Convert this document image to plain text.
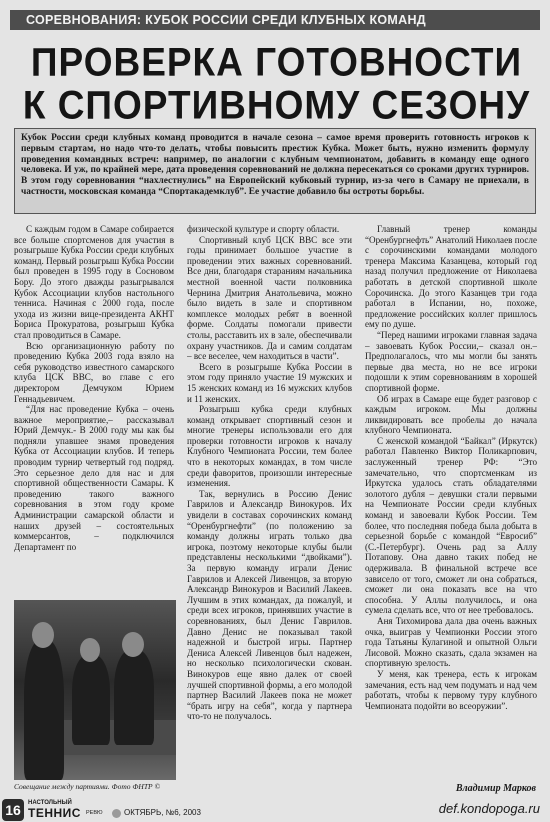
СОРЕВНОВАНИЯ: КУБОК РОССИИ СРЕДИ КЛУБНЫХ КОМАНД
ПРОВЕРКА ГОТОВНОСТИ
К СПОРТИВНОМУ СЕЗОНУ
Кубок России среди клубных команд проводится в начале сезона – самое время проверить готовность игроков к первым стартам, но надо что-то делать, чтобы повысить престиж Кубка. Может быть, нужно изменить формулу проведения командных встреч: например, по аналогии с клубным чемпионатом, добавить в команду еще одного человека. И уж, по крайней мере, дата проведения соревнований не должна пересекаться со сроками других турниров. В этом году соревнования “нахлестнулись” на Европейский кубковый турнир, из-за чего в Самару не приехали, в частности, московская команда “Спортакадемклуб”. Ее участие добавило бы остроты борьбы.

С каждым годом в Самаре собирается все больше спортсменов для участия в розыгрыше Кубка России среди клубных команд. Первый розыгрыш Кубка России был проведен в 1995 году в Сосновом Бору. До этого дважды разыгрывался Кубок Ассоциации клубов настольного тенниса. Начиная с 2000 года, после ухода из жизни вице-президента АКНТ Бориса Прокуратова, розыгрыш Кубка стал проводиться в Самаре.

Всю организационную работу по проведению Кубка 2003 года взяло на себя руководство известного самарского клуба ЦСК ВВС, во главе с его директором Демчуком Юрием Геннадьевичем.

“Для нас проведение Кубка – очень важное мероприятие,– рассказывал Юрий Демчук.- В 2000 году мы как бы подняли упавшее знамя проведения Кубка от Ассоциации клубов. И теперь проводим турнир четвертый год подряд. Это серьезное дело для нас и для спортивной общественности Самары. К проведению такого важного соревнования в этом году кроме Администрации самарской области и наших друзей – состоятельных коммерсантов, – подключился Департамент по

Совещание между партиями. Фото ФНТР ©

физической культуре и спорту области.

Спортивный клуб ЦСК ВВС все эти годы принимает большое участие в проведении этих важных соревнований. Все дни, благодаря стараниям начальника местной военной части полковника Чернина Дмитрия Анатольевича, можно было видеть в зале и спортивном комплексе молодых ребят в военной форме. Солдаты помогали привести столы, расставить их в зале, обеспечивали охрану участников. Да и самим солдатам – все веселее, чем находиться в части”.

Всего в розыгрыше Кубка России в этом году приняло участие 19 мужских и 15 женских команд из 16 мужских клубов и 11 женских.

Розыгрыш кубка среди клубных команд открывает спортивный сезон и многие тренеры использовали его для проверки готовности игроков к началу Клубного Чемпионата России, тем более что в некоторых командах, в том числе среди фаворитов, произошли интересные изменения.

Так, вернулись в Россию Денис Гаврилов и Александр Винокуров. Их увидели в составах сорочинских команд “Оренбургнефти” (по положению за команду должны играть только два игрока, поэтому некоторые клубы были представлены несколькими “двойками”). За первую команду играли Денис Гаврилов и Алексей Ливенцов, за вторую Александр Винокуров и Василий Лакеев. Лучшим в этих командах, да пожалуй, и среди всех игроков, принявших участие в соревнованиях, был Денис Гаврилов. Давно Денис не показывал такой надежной и быстрой игры. Партнер Дениса Алексей Ливенцов был надежен, но несколько психологически скован. Винокуров еще явно далек от своей лучшей спортивной формы, а его молодой партнер Василий Лакеев пока не может “брать игру на себя”, когда у партнера что-то не получалось.

Главный тренер команды “Оренбургнефть” Анатолий Николаев после с сорочинскими командами молодого тренера Максима Казанцева, который год назад получил предложение от Николаева работать в детской спортивной школе Сорочинска. До этого Казанцев три года работал в Испании, но, похоже, предложение российских коллег пришлось ему по душе.

“Перед нашими игроками главная задача – завоевать Кубок России,– сказал он.– Предполагалось, что мы могли бы занять первые два места, но не все игроки подошли к этим соревнованиям в хорошей спортивной форме.

Об играх в Самаре еще будет разговор с каждым игроком. Мы должны ликвидировать все пробелы до начала клубного Чемпионата.

С женской командой “Байкал” (Иркутск) работал Павленко Виктор Поликарпович, заслуженный тренер РФ: “Это замечательно, что спортсменкам из Иркутска удалось стать обладателями золотого дубля – девушки стали первыми на Чемпионате России среди клубных команд и завоевали Кубок России. Тем более, что последняя победа была добыта в серьезной борьбе с командой “Евросиб” (С.-Петербург). Очень рад за Аллу Потапову. Она давно таких побед не одерживала. В финальной встрече все зависело от того, сможет ли она собраться, сможет ли она показать все на что способна. У Аллы получилось, и она сумела сделать все, что от нее требовалось.

Аня Тихомирова дала два очень важных очка, выиграв у Чемпионки России этого года Татьяны Кулагиной и опытной Ольги Лисовой. Можно сказать, сдала экзамен на спортивную зрелость.

У меня, как тренера, есть к игрокам замечания, есть над чем подумать и над чем работать, чтобы к первому туру клубного Чемпионата подойти во всеоружии”.

Владимир Марков
16	НАСТОЛЬНЫЙ
ТЕННИС РЕВЮ	ОКТЯБРЬ, №6, 2003	def.kondopoga.ru
